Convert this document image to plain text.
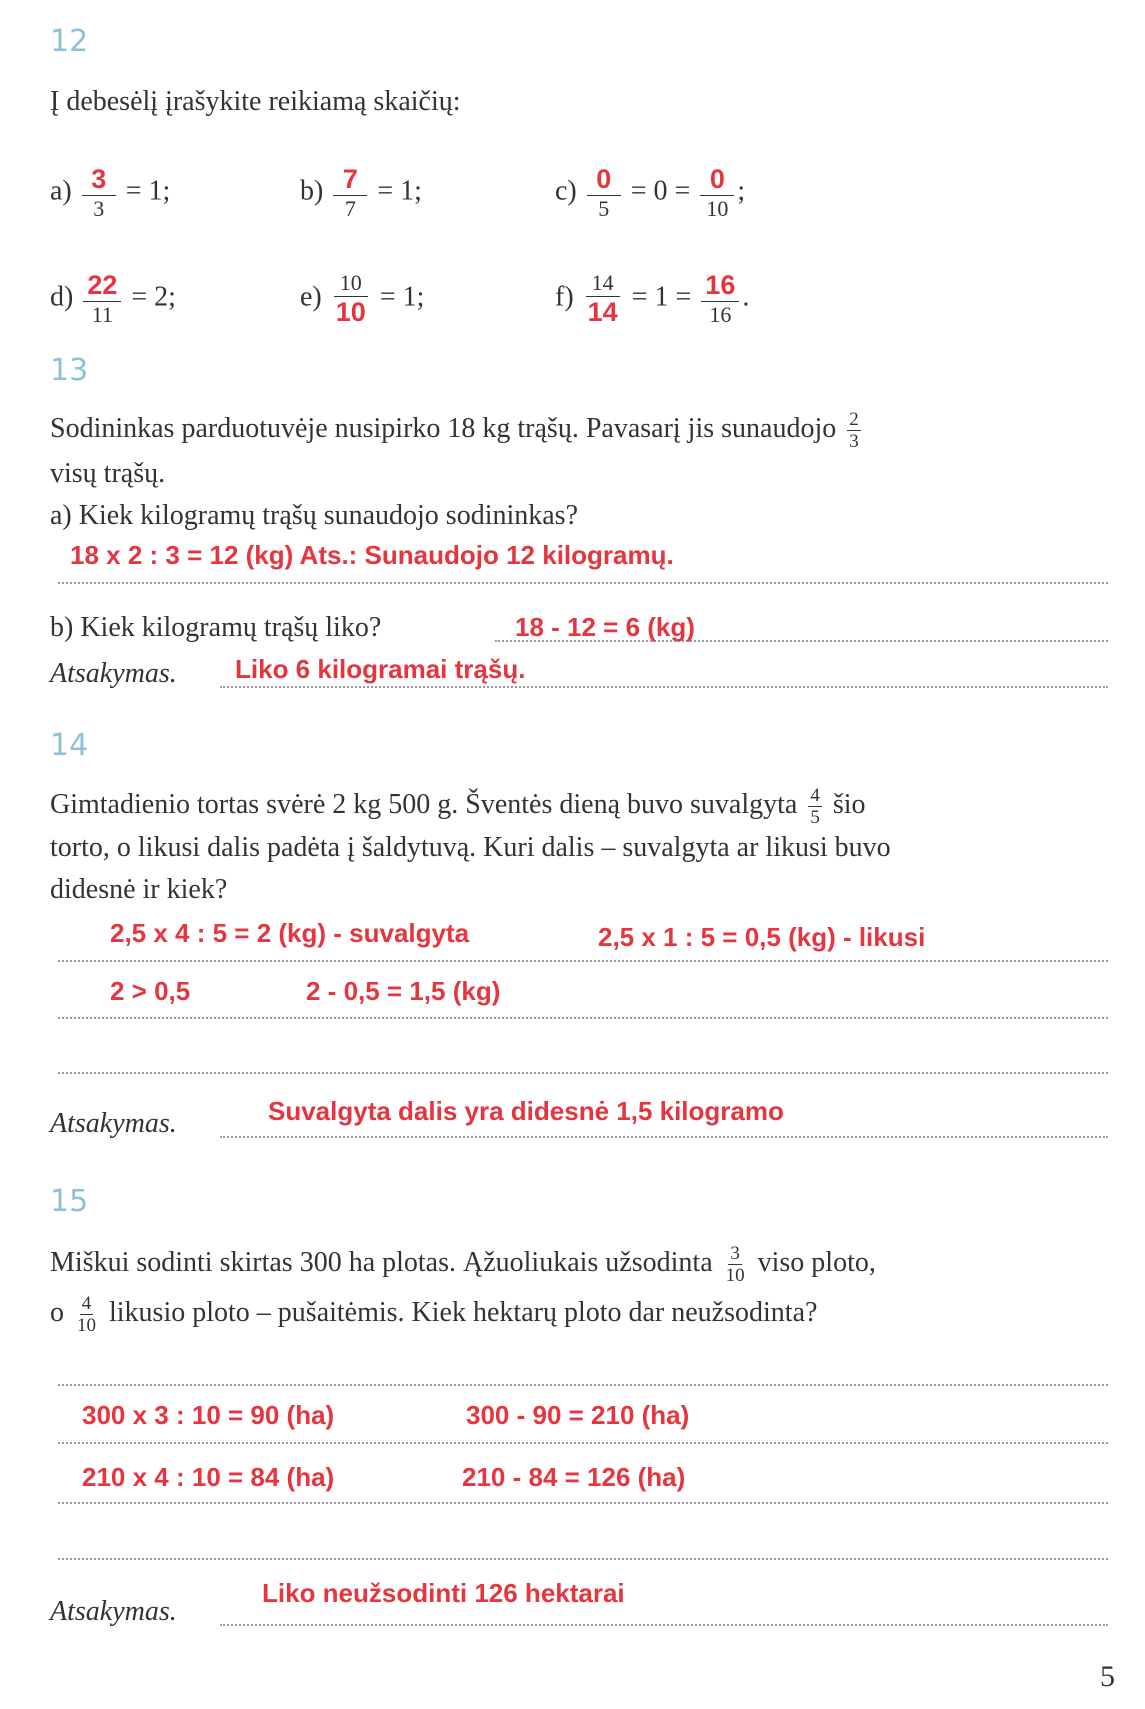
12
Į debesėlį įrašykite reikiamą skaičių:
$a) \frac{3}{3} = 1$;	$b) \frac{7}{7} = 1$;	$c) \frac{0}{5} = 0 = \frac{0}{10}$ ;
$d) \frac{22}{11} = 2$;	$e) \frac{10}{10} = 1$;	$f) \frac{14}{14} = 1 = \frac{16}{16}$ .
13
Sodininkas parduotuvėje nusipirko 18 kg trąšų. Pavasarį jis sunaudojo $\frac{2}{3}$
visų trąšų.
a) Kiek kilogramų trąšų sunaudojo sodininkas?
18 x 2 : 3 = 12 (kg) Ats.: Sunaudojo 12 kilogramų.
b) Kiek kilogramų trąšų liko?	18 - 12 = 6 (kg)
Atsakymas. Liko 6 kilogramai trąšų.
14
Gimtadienio tortas svėrė 2 kg 500 g. Šventės dieną buvo suvalgyta $\frac{4}{5}$ šio
torto, o likusi dalis padėta į šaldytuvą. Kuri dalis – suvalgyta ar likusi buvo
didesnė ir kiek?
2,5 x 4 : 5 = 2 (kg) - suvalgyta	2,5 x 1 : 5 = 0,5 (kg) - likusi
2 > 0,5	2 - 0,5 = 1,5 (kg)
Atsakymas.	Suvalgyta dalis yra didesnė 1,5 kilogramo
15
Miškui sodinti skirtas 300 ha plotas. Ąžuoliukais užsodinta $\frac{3}{10}$ viso ploto,
o $\frac{4}{10}$ likusio ploto – pušaitėmis. Kiek hektarų ploto dar neužsodinta?
300 x 3 : 10 = 90 (ha)	300 - 90 = 210 (ha)
210 x 4 : 10 = 84 (ha)	210 - 84 = 126 (ha)
Atsakymas.
Liko neužsodinti 126 hektarai
5
